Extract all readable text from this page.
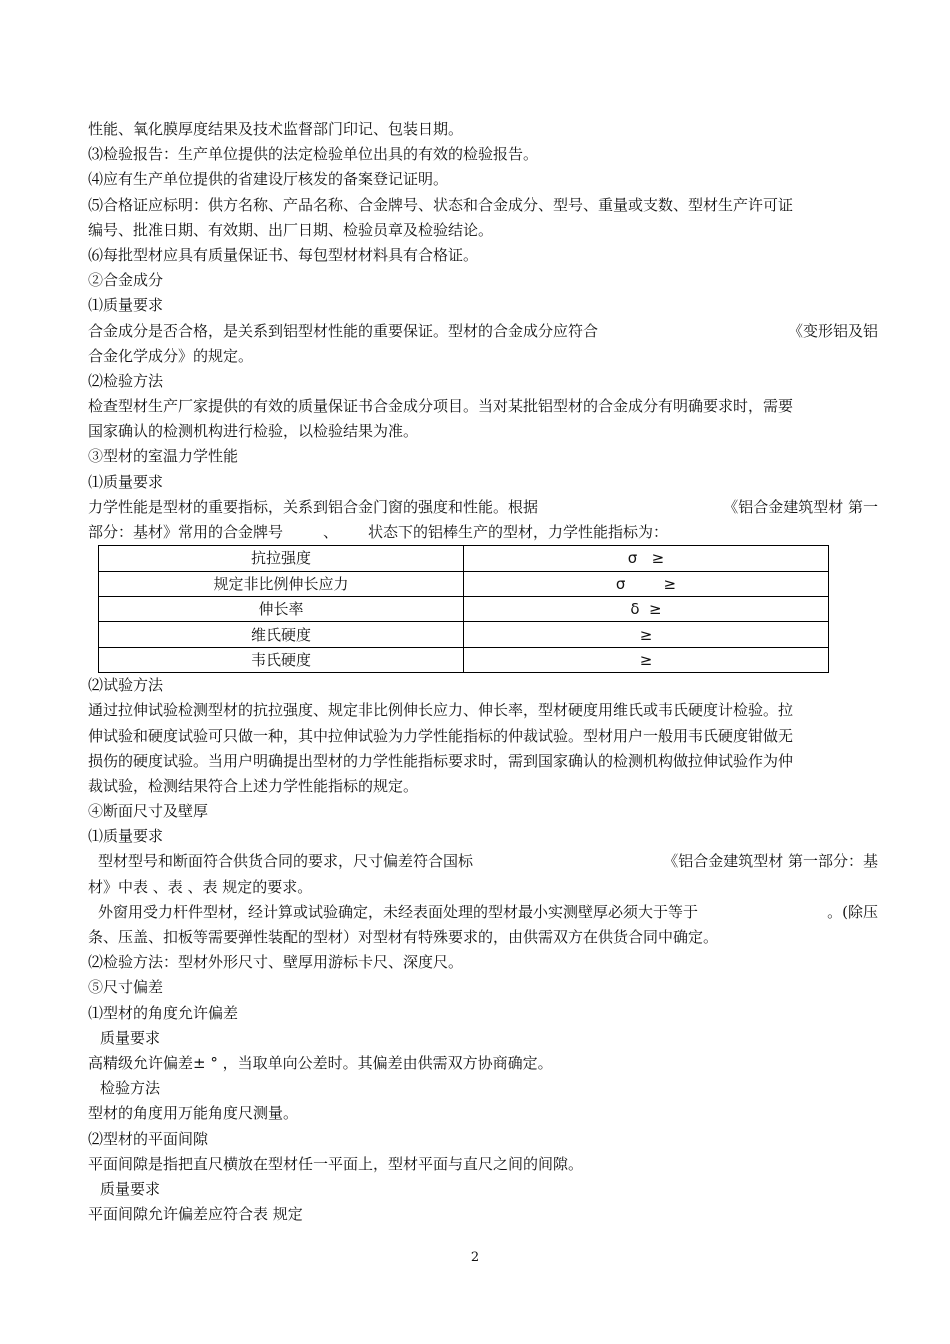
性能、氧化膜厚度结果及技术监督部门印记、包装日期。
⑶检验报告：生产单位提供的法定检验单位出具的有效的检验报告。
⑷应有生产单位提供的省建设厅核发的备案登记证明。
⑸合格证应标明：供方名称、产品名称、合金牌号、状态和合金成分、型号、重量或支数、型材生产许可证
编号、批准日期、有效期、出厂日期、检验员章及检验结论。
⑹每批型材应具有质量保证书、每包型材材料具有合格证。
②合金成分
⑴质量要求
合金成分是否合格，是关系到铝型材性能的重要保证。型材的合金成分应符合	《变形铝及铝
合金化学成分》的规定。
⑵检验方法
检查型材生产厂家提供的有效的质量保证书合金成分项目。当对某批铝型材的合金成分有明确要求时，需要
国家确认的检测机构进行检验，以检验结果为准。
③型材的室温力学性能
⑴质量要求
力学性能是型材的重要指标，关系到铝合金门窗的强度和性能。根据	《铝合金建筑型材 第一
部分：基材》常用的合金牌号	、 状态下的铝棒生产的型材，力学性能指标为：
抗拉强度	σ   ≥
规定非比例伸长应力	σ        ≥
伸长率	δ  ≥
维氏硬度	≥
韦氏硬度	≥
⑵试验方法
通过拉伸试验检测型材的抗拉强度、规定非比例伸长应力、伸长率，型材硬度用维氏或韦氏硬度计检验。拉
伸试验和硬度试验可只做一种，其中拉伸试验为力学性能指标的仲裁试验。型材用户一般用韦氏硬度钳做无
损伤的硬度试验。当用户明确提出型材的力学性能指标要求时，需到国家确认的检测机构做拉伸试验作为仲
裁试验，检测结果符合上述力学性能指标的规定。
④断面尺寸及壁厚
⑴质量要求
型材型号和断面符合供货合同的要求，尺寸偏差符合国标	《铝合金建筑型材 第一部分：基
材》中表 、表 、表 规定的要求。
外窗用受力杆件型材，经计算或试验确定，未经表面处理的型材最小实测壁厚必须大于等于	。(除压
条、压盖、扣板等需要弹性装配的型材）对型材有特殊要求的，由供需双方在供货合同中确定。
⑵检验方法：型材外形尺寸、壁厚用游标卡尺、深度尺。
⑤尺寸偏差
⑴型材的角度允许偏差
质量要求
高精级允许偏差± ° ，当取单向公差时。其偏差由供需双方协商确定。
检验方法
型材的角度用万能角度尺测量。
⑵型材的平面间隙
平面间隙是指把直尺横放在型材任一平面上，型材平面与直尺之间的间隙。
质量要求
平面间隙允许偏差应符合表 规定
2
